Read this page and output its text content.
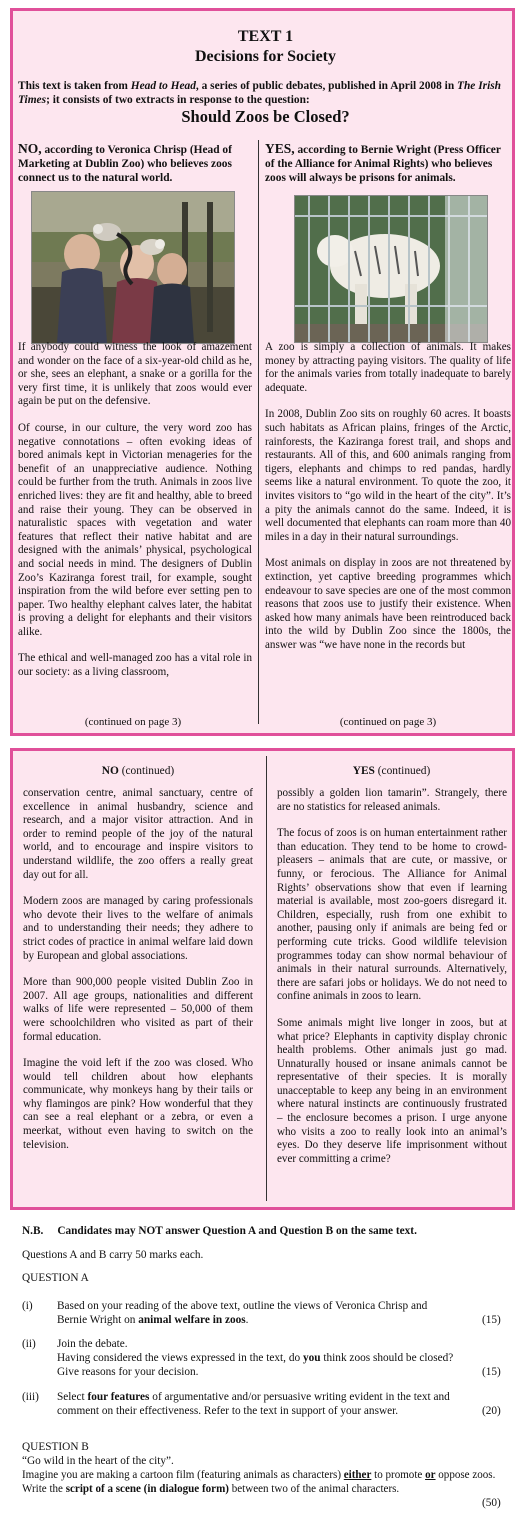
TEXT 1
Decisions for Society
This text is taken from Head to Head, a series of public debates, published in April 2008 in The Irish Times; it consists of two extracts in response to the question:
Should Zoos be Closed?
NO, according to Veronica Chrisp (Head of Marketing at Dublin Zoo) who believes zoos connect us to the natural world.
YES, according to Bernie Wright (Press Officer of the Alliance for Animal Rights) who believes zoos will always be prisons for animals.

If anybody could witness the look of amazement and wonder on the face of a six-year-old child as he, or she, sees an elephant, a snake or a gorilla for the very first time, it is unlikely that zoos would ever again be put on the defensive.

Of course, in our culture, the very word zoo has negative connotations – often evoking ideas of bored animals kept in Victorian menageries for the benefit of an unappreciative audience. Nothing could be further from the truth. Animals in zoos live enriched lives: they are fit and healthy, able to breed and raise their young. They can be observed in naturalistic spaces with vegetation and water features that reflect their native habitat and are designed with the animals’ physical, psychological and social needs in mind. The designers of Dublin Zoo’s Kaziranga forest trail, for example, sought inspiration from the wild before ever setting pen to paper. Two healthy elephant calves later, the habitat is proving a delight for elephants and their visitors alike.

The ethical and well-managed zoo has a vital role in our society: as a living classroom,

(continued on page 3)

A zoo is simply a collection of animals. It makes money by attracting paying visitors. The quality of life for the animals varies from totally inadequate to barely adequate.

In 2008, Dublin Zoo sits on roughly 60 acres. It boasts such habitats as African plains, fringes of the Arctic, rainforests, the Kaziranga forest trail, and shops and restaurants. All of this, and 600 animals ranging from tigers, elephants and chimps to red pandas, hardly seems like a natural environment. To quote the zoo, it invites visitors to “go wild in the heart of the city”. It’s a pity the animals cannot do the same. Indeed, it is well documented that elephants can roam more than 40 miles in a day in their natural surroundings.

Most animals on display in zoos are not threatened by extinction, yet captive breeding programmes which endeavour to save species are one of the most common reasons that zoos use to justify their existence. When asked how many animals have been reintroduced back into the wild by Dublin Zoo since the 1800s, the answer was “we have none in the records but

(continued on page 3)
NO (continued)	YES (continued)

conservation centre, animal sanctuary, centre of excellence in animal husbandry, science and research, and a major visitor attraction. And in order to remind people of the joy of the natural world, and to encourage and inspire visitors to understand wildlife, the zoo offers a really great day out for all.

Modern zoos are managed by caring professionals who devote their lives to the welfare of animals and to understanding their needs; they adhere to strict codes of practice in animal welfare laid down by European and global associations.

More than 900,000 people visited Dublin Zoo in 2007. All age groups, nationalities and different walks of life were represented – 50,000 of them were schoolchildren who visited as part of their formal education.

Imagine the void left if the zoo was closed. Who would tell children about how elephants communicate, why monkeys hang by their tails or why flamingos are pink? How wonderful that they can see a real elephant or a zebra, or even a meerkat, without even having to switch on the television.

possibly a golden lion tamarin”. Strangely, there are no statistics for released animals.

The focus of zoos is on human entertainment rather than education. They tend to be home to crowd-pleasers – animals that are cute, or massive, or funny, or ferocious. The Alliance for Animal Rights’ observations show that even if learning material is available, most zoo-goers disregard it. Children, especially, rush from one exhibit to another, pausing only if animals are being fed or performing cute tricks. Good wildlife television programmes today can show normal behaviour of animals in their natural surrounds. Alternatively, there are safari jobs or holidays. We do not need to confine animals in zoos to learn.

Some animals might live longer in zoos, but at what price? Elephants in captivity display chronic health problems. Other animals just go mad. Unnaturally housed or insane animals cannot be representative of their species. It is morally unacceptable to keep any being in an environment where natural instincts are continuously frustrated – the enclosure becomes a prison. I urge anyone who visits a zoo to really look into an animal’s eyes. Do they deserve life imprisonment without ever committing a crime?

N.B. Candidates may NOT answer Question A and Question B on the same text.
Questions A and B carry 50 marks each.
QUESTION A
(i) Based on your reading of the above text, outline the views of Veronica Chrisp and Bernie Wright on animal welfare in zoos.	(15)
(ii) Join the debate.
Having considered the views expressed in the text, do you think zoos should be closed?
Give reasons for your decision.	(15)
(iii) Select four features of argumentative and/or persuasive writing evident in the text and comment on their effectiveness. Refer to the text in support of your answer.	(20)
QUESTION B
“Go wild in the heart of the city”.
Imagine you are making a cartoon film (featuring animals as characters) either to promote or oppose zoos. Write the script of a scene (in dialogue form) between two of the animal characters.
(50)
